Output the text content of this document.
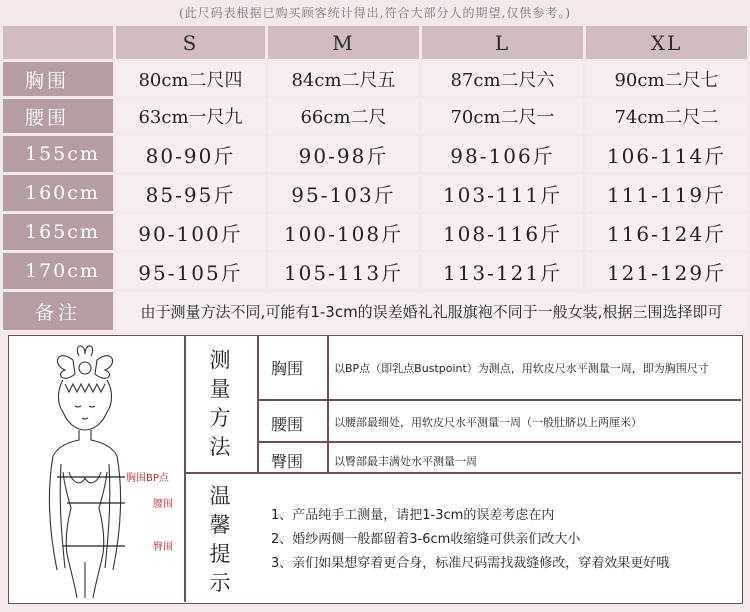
(此尺码表根据已购买顾客统计得出,符合大部分人的期望,仅供参考。)
S	M	L	XL
胸围	80cm二尺四	84cm二尺五	87cm二尺六	90cm二尺七
腰围	63cm一尺九	66cm二尺	70cm二尺一	74cm二尺二
155cm	80-90斤	90-98斤	98-106斤	106-114斤
160cm	85-95斤	95-103斤	103-111斤	111-119斤
165cm	90-100斤	100-108斤	108-116斤	116-124斤
170cm	95-105斤	105-113斤	113-121斤	121-129斤
备注	由于测量方法不同,可能有1-3cm的误差婚礼礼服旗袍不同于一般女装,根据三围选择即可
胸围BP点
腰围
臀围
测
量
方
法
胸围	以BP点（即乳点Bustpoint）为测点，用软皮尺水平测量一周，即为胸围尺寸
腰围	以腰部最细处，用软皮尺水平测量一周（一般肚脐以上两厘米）
臀围	以臀部最丰满处水平测量一周
温
馨
提
示
1、产品纯手工测量，请把1-3cm的误差考虑在内
2、婚纱两侧一般都留着3-6cm收缩缝可供亲们改大小
3、亲们如果想穿着更合身，标准尺码需找裁缝修改，穿着效果更好哦
